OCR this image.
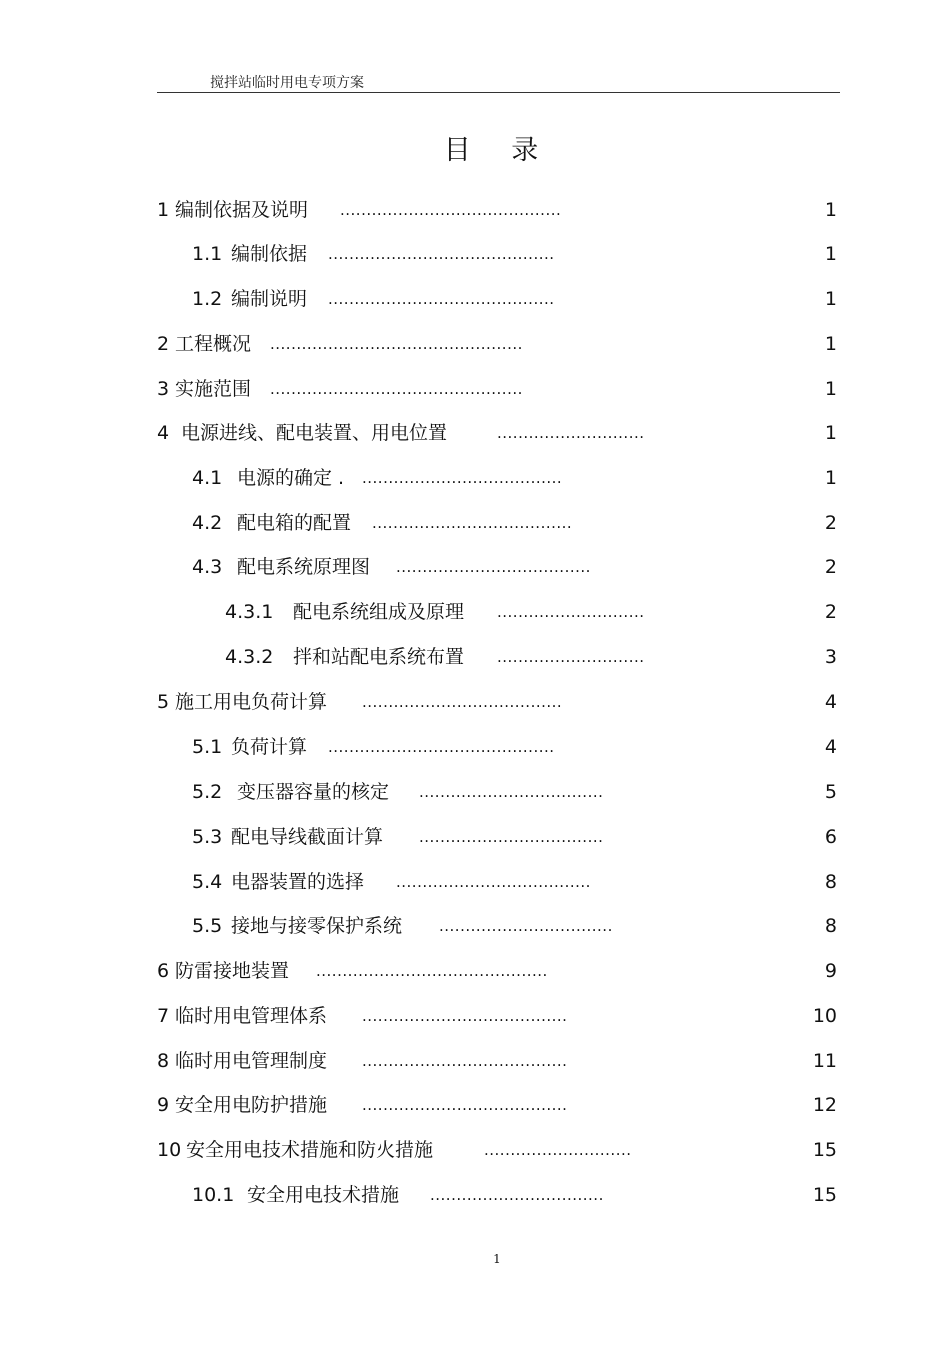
搅拌站临时用电专项方案
目 录
1 编制依据及说明 ..........................................	1
1.1 编制依据 ...........................................	1
1.2 编制说明 ...........................................	1
2 工程概况 ................................................	1
3 实施范围 ................................................	1
4 电源进线、配电装置、用电位置	............................	1
4.1 电源的确定 . ......................................	1
4.2 配电箱的配置 ......................................	2
4.3 配电系统原理图 .....................................	2
4.3.1 配电系统组成及原理 ............................	2
4.3.2 拌和站配电系统布置 ............................	3
5 施工用电负荷计算 ......................................	4
5.1 负荷计算 ...........................................	4
5.2 变压器容量的核定 ...................................	5
5.3 配电导线截面计算 ...................................	6
5.4 电器装置的选择 .....................................	8
5.5 接地与接零保护系统 .................................	8
6 防雷接地装置 ............................................	9
7 临时用电管理体系 .......................................	10
8 临时用电管理制度 .......................................	11
9 安全用电防护措施 .......................................	12
10 安全用电技术措施和防火措施	............................	15
10.1 安全用电技术措施 .................................	15
1
